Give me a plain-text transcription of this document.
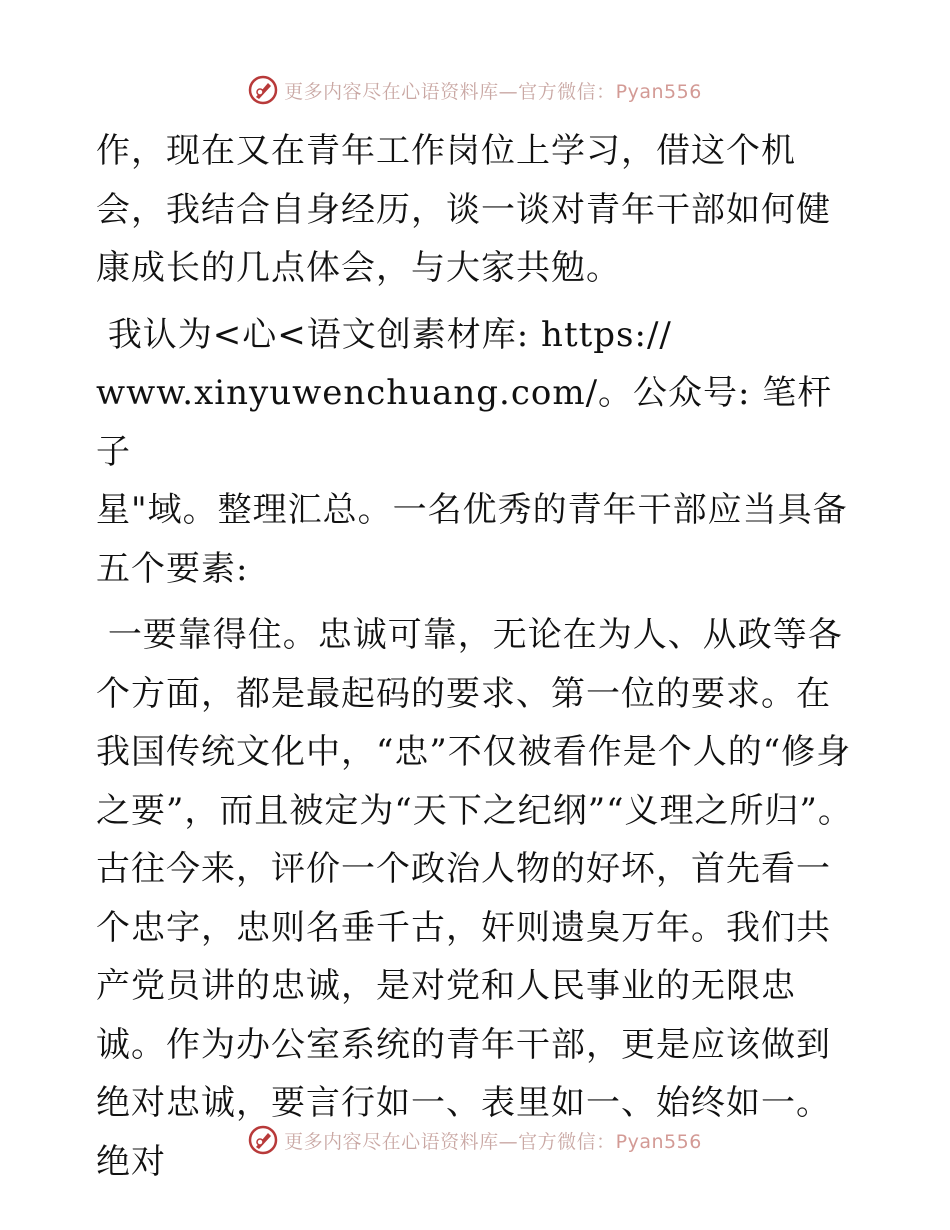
更多内容尽在心语资料库—官方微信：Pyan556

作，现在又在青年工作岗位上学习，借这个机会，我结合自身经历，谈一谈对青年干部如何健康成长的几点体会，与大家共勉。

我认为<心<语文创素材库: https://
www.xinyuwenchuang.com/。公众号: 笔杆子
星"域。整理汇总。一名优秀的青年干部应当具备五个要素:

一要靠得住。忠诚可靠，无论在为人、从政等各个方面，都是最起码的要求、第一位的要求。在我国传统文化中，“忠”不仅被看作是个人的“修身之要”，而且被定为“天下之纪纲”“义理之所归”。古往今来，评价一个政治人物的好坏，首先看一个忠字，忠则名垂千古，奸则遗臭万年。我们共产党员讲的忠诚，是对党和人民事业的无限忠诚。作为办公室系统的青年干部，更是应该做到绝对忠诚，要言行如一、表里如一、始终如一。绝对	更多内容尽在心语资料库—官方微信：Pyan556
